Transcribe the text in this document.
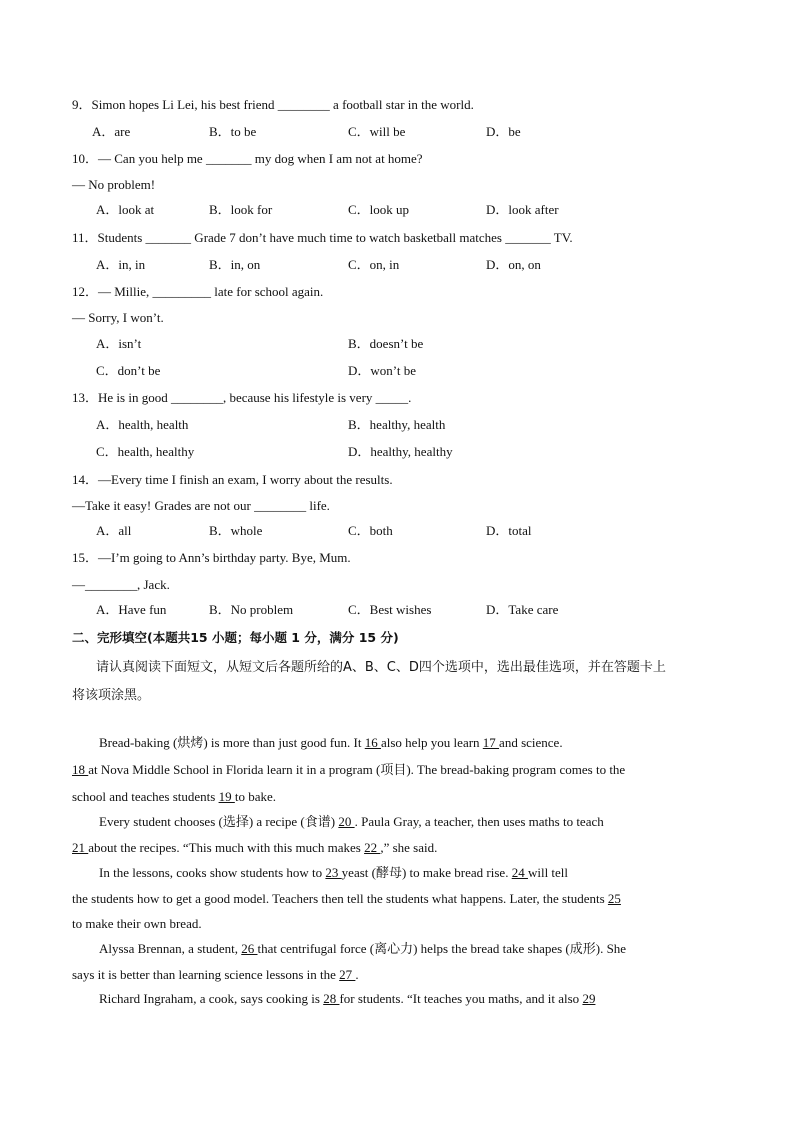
9．Simon hopes Li Lei, his best friend ________ a football star in the world.
A．are	B．to be	C．will be	D．be
10．— Can you help me _______ my dog when I am not at home?
— No problem!
A．look at	B．look for	C．look up	D．look after
11．Students _______ Grade 7 don’t have much time to watch basketball matches _______ TV.
A．in, in	B．in, on	C．on, in	D．on, on
12．— Millie, _________ late for school again.
— Sorry, I won’t.
A．isn’t	B．doesn’t be
C．don’t be	D．won’t be
13．He is in good ________, because his lifestyle is very _____.
A．health, health	B．healthy, health
C．health, healthy	D．healthy, healthy
14．—Every time I finish an exam, I worry about the results.
—Take it easy! Grades are not our ________ life.
A．all	B．whole	C．both	D．total
15．—I’m going to Ann’s birthday party. Bye, Mum.
—________, Jack.
A．Have fun	B．No problem	C．Best wishes	D．Take care
二、完形填空(本题共15 小题；每小题 1 分，满分 15 分)
请认真阅读下面短文，从短文后各题所给的A、B、C、D四个选项中，选出最佳选项，并在答题卡上
将该项涂黑。
Bread-baking (烘烤) is more than just good fun. It 16 also help you learn 17 and science.
18 at Nova Middle School in Florida learn it in a program (项目). The bread-baking program comes to the
school and teaches students 19 to bake.
Every student chooses (选择) a recipe (食谱) 20 . Paula Gray, a teacher, then uses maths to teach
21 about the recipes. “This much with this much makes 22 ,” she said.
In the lessons, cooks show students how to 23 yeast (酵母) to make bread rise. 24 will tell
the students how to get a good model. Teachers then tell the students what happens. Later, the students 25
to make their own bread.
Alyssa Brennan, a student, 26 that centrifugal force (离心力) helps the bread take shapes (成形). She
says it is better than learning science lessons in the 27 .
Richard Ingraham, a cook, says cooking is 28 for students. “It teaches you maths, and it also 29
